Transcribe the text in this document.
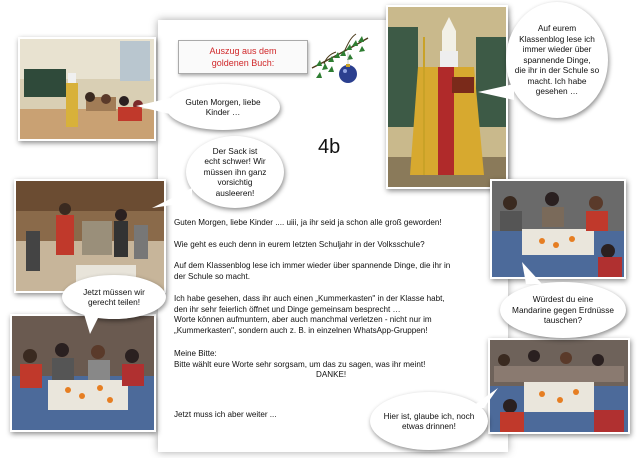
Auszug aus dem
goldenen Buch:
4b
Guten Morgen, liebe Kinder .... uiii, ja ihr seid ja schon alle groß geworden!
Wie geht es euch denn in eurem letzten Schuljahr in der Volksschule?
Auf dem Klassenblog lese ich immer wieder über spannende Dinge, die ihr in
der Schule so macht.
Ich habe gesehen, dass ihr auch einen „Kummerkasten" in der Klasse habt,
den ihr sehr feierlich öffnet und Dinge gemeinsam besprecht …
Worte können aufmuntern, aber auch manchmal verletzen - nicht nur im
„Kummerkasten", sondern auch z. B. in einzelnen WhatsApp-Gruppen!
Meine Bitte:
Bitte wählt eure Worte sehr sorgsam, um das zu sagen, was ihr meint!
DANKE!
Jetzt muss ich aber weiter ...
Guten Morgen, liebe
Kinder …
Der Sack ist
echt schwer! Wir
müssen ihn ganz
vorsichtig
ausleeren!
Jetzt müssen wir
gerecht teilen!
Auf eurem
Klassenblog lese ich
immer wieder über
spannende Dinge,
die ihr in der Schule so
macht. Ich habe
gesehen …
Würdest du eine
Mandarine gegen Erdnüsse
tauschen?
Hier ist, glaube ich, noch
etwas drinnen!
